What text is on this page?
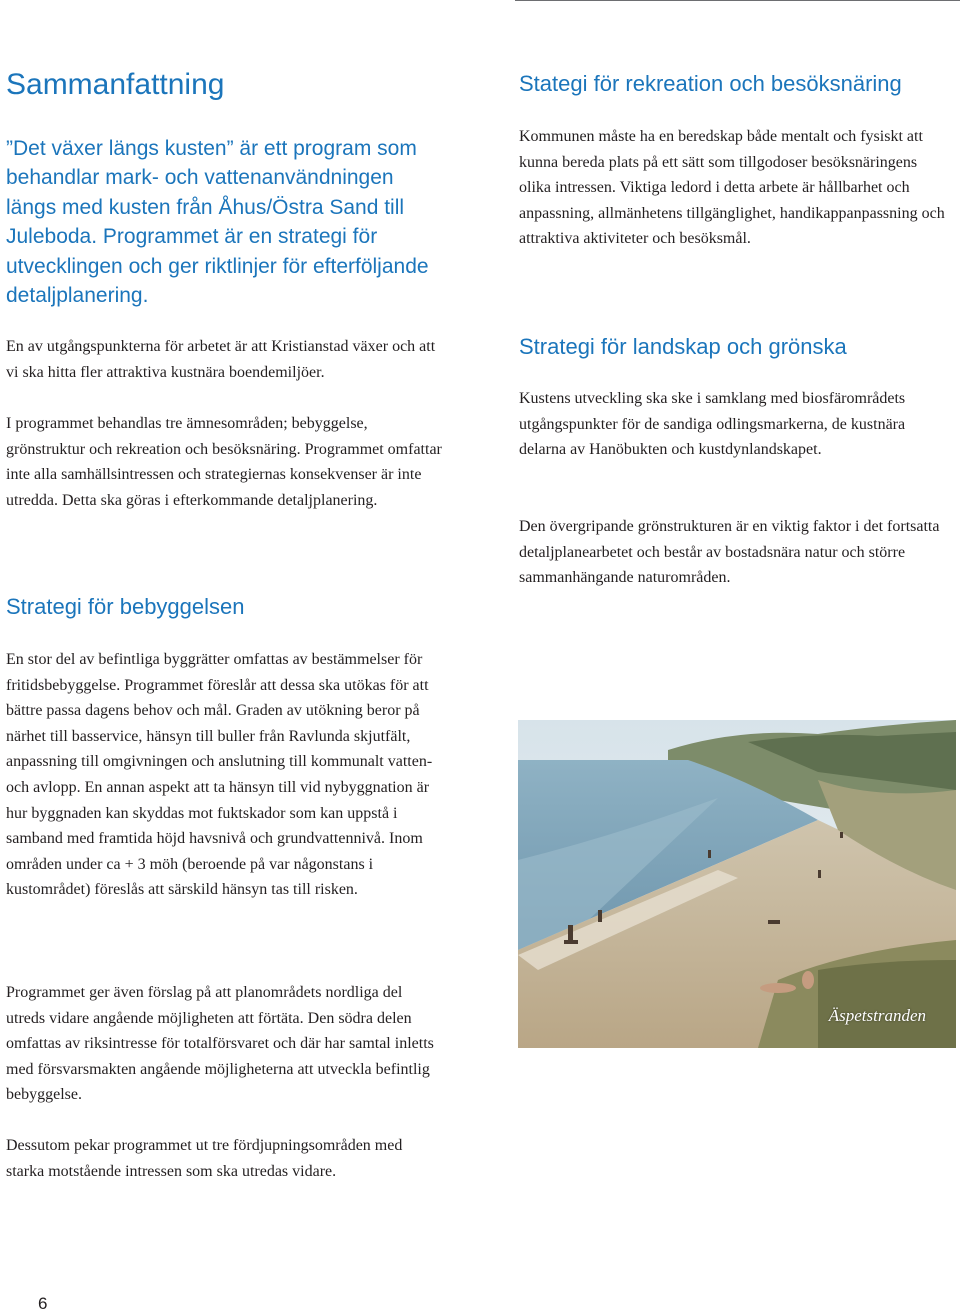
Sammanfattning

”Det växer längs kusten” är ett program som behandlar mark- och vattenanvändningen längs med kusten från Åhus/Östra Sand till Juleboda. Programmet är en strategi för utvecklingen och ger riktlinjer för efterföljande detaljplanering.

En av utgångspunkterna för arbetet är att Kristianstad växer och att vi ska hitta fler attraktiva kustnära boendemiljöer.

I programmet behandlas tre ämnesområden; bebyggelse, grönstruktur och rekreation och besöksnäring. Programmet omfattar inte alla samhällsintressen och strategiernas konsekvenser är inte utredda. Detta ska göras i efterkommande detaljplanering.

Strategi för bebyggelsen

En stor del av befintliga byggrätter omfattas av bestämmelser för fritidsbebyggelse. Programmet föreslår att dessa ska utökas för att bättre passa dagens behov och mål. Graden av utökning beror på närhet till basservice, hänsyn till buller från Ravlunda skjutfält, anpassning till omgivningen och anslutning till kommunalt vatten- och avlopp. En annan aspekt att ta hänsyn till vid nybyggnation är hur byggnaden kan skyddas mot fuktskador som kan uppstå i samband med framtida höjd havsnivå och grundvattennivå. Inom områden under ca + 3 möh (beroende på var någonstans i kustområdet) föreslås att särskild hänsyn tas till risken.

Programmet ger även förslag på att planområdets nordliga del utreds vidare angående möjligheten att förtäta. Den södra delen omfattas av riksintresse för totalförsvaret och där har samtal inletts med försvarsmakten angående möjligheterna att utveckla befintlig bebyggelse.

Dessutom pekar programmet ut tre fördjupningsområden med starka motstående intressen som ska utredas vidare.

Stategi för rekreation och besöksnäring

Kommunen måste ha en beredskap både mentalt och fysiskt att kunna bereda plats på ett sätt som tillgodoser besöksnäringens olika intressen. Viktiga ledord i detta arbete är hållbarhet och anpassning, allmänhetens tillgänglighet, handikappanpassning och attraktiva aktiviteter och besöksmål.

Strategi för landskap och grönska

Kustens utveckling ska ske i samklang med biosfärområdets utgångspunkter för de sandiga odlingsmarkerna, de kustnära delarna av Hanöbukten och kustdynlandskapet.

Den övergripande grönstrukturen är en viktig faktor i det fortsatta detaljplanearbetet och består av bostadsnära natur och större sammanhängande naturområden.

Äspetstranden
6
